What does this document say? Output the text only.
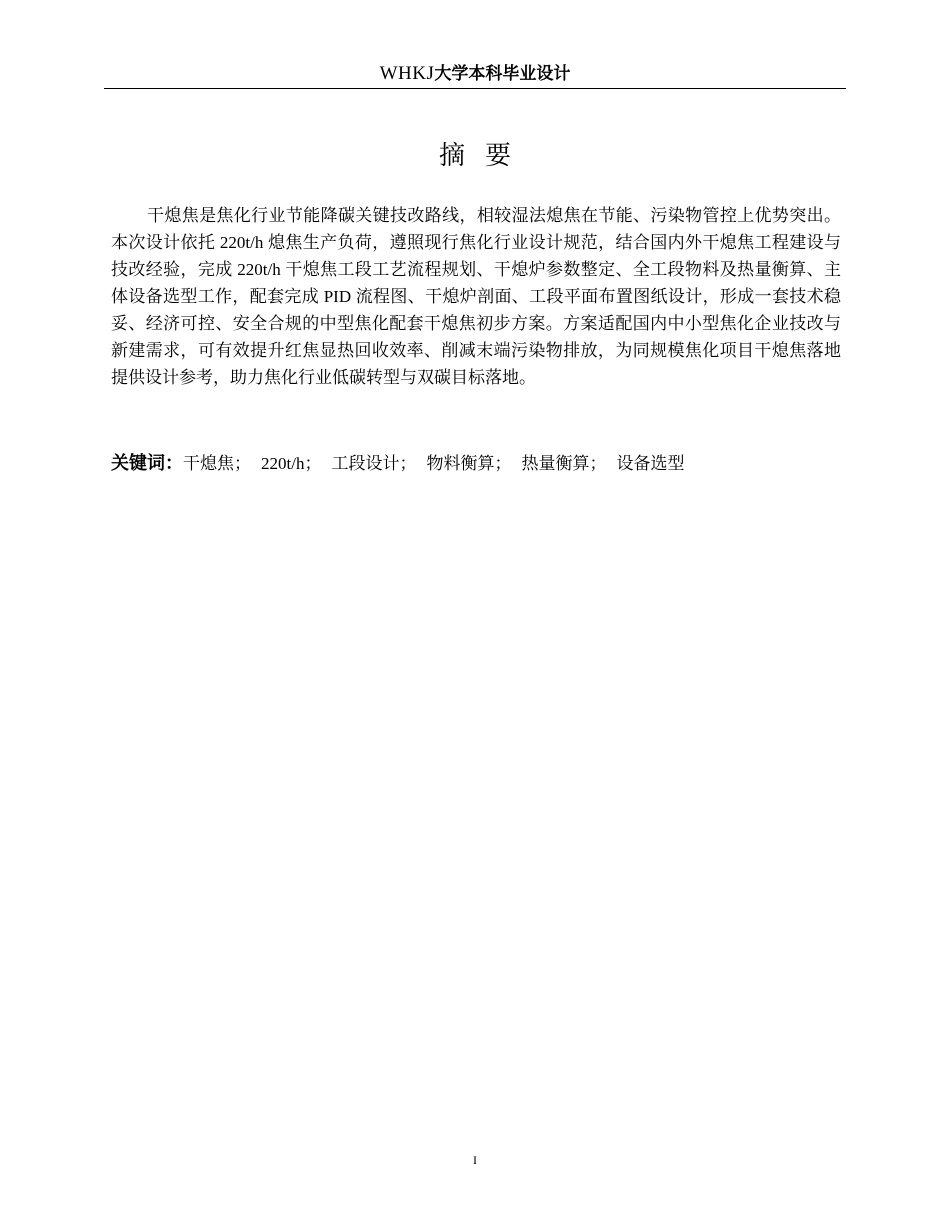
WHKJ大学本科毕业设计
摘要

干熄焦是焦化行业节能降碳关键技改路线，相较湿法熄焦在节能、污染物管控上优势突出。本次设计依托 220t/h 熄焦生产负荷，遵照现行焦化行业设计规范，结合国内外干熄焦工程建设与技改经验，完成 220t/h 干熄焦工段工艺流程规划、干熄炉参数整定、全工段物料及热量衡算、主体设备选型工作，配套完成 PID 流程图、干熄炉剖面、工段平面布置图纸设计，形成一套技术稳妥、经济可控、安全合规的中型焦化配套干熄焦初步方案。方案适配国内中小型焦化企业技改与新建需求，可有效提升红焦显热回收效率、削减末端污染物排放，为同规模焦化项目干熄焦落地提供设计参考，助力焦化行业低碳转型与双碳目标落地。

关键词：干熄焦； 220t/h； 工段设计； 物料衡算； 热量衡算； 设备选型
I
